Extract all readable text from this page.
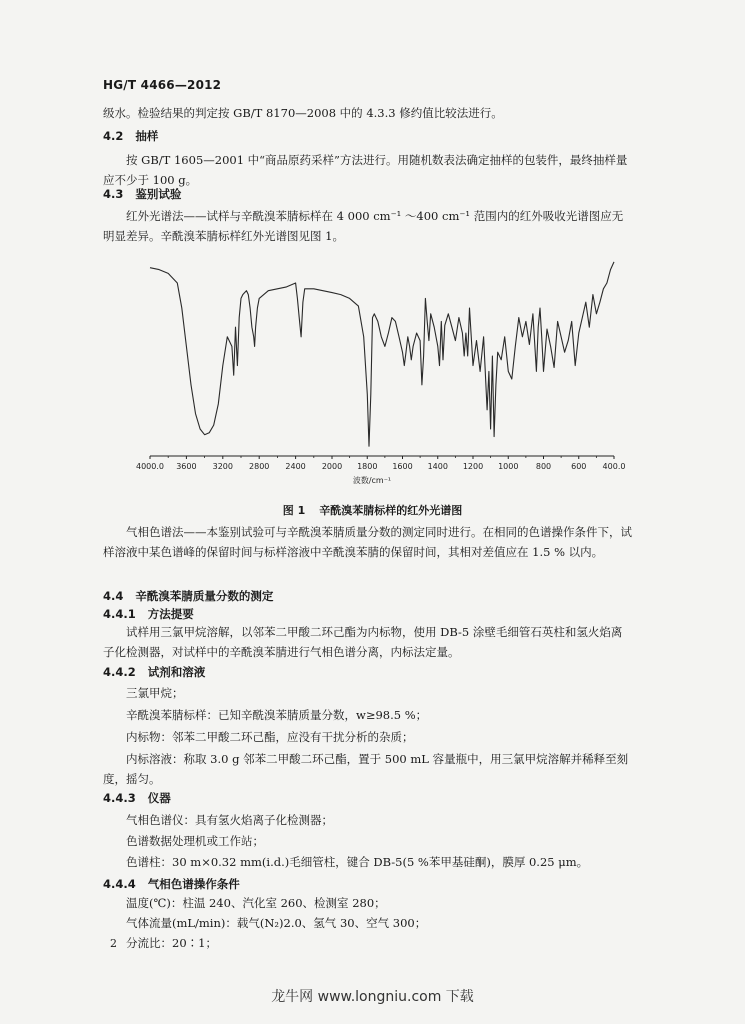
HG/T 4466—2012

级水。检验结果的判定按 GB/T 8170—2008 中的 4.3.3 修约值比较法进行。

4.2 抽样

按 GB/T 1605—2001 中“商品原药采样”方法进行。用随机数表法确定抽样的包装件，最终抽样量应不少于 100 g。

4.3 鉴别试验

红外光谱法——试样与辛酰溴苯腈标样在 4 000 cm⁻¹ ～400 cm⁻¹ 范围内的红外吸收光谱图应无明显差异。辛酰溴苯腈标样红外光谱图见图 1。

4000.0 3600 3200 2800 2400 2000 1800 1600 1400 1200 1000 800 600 400.0
波数/cm⁻¹
图 1 辛酰溴苯腈标样的红外光谱图

气相色谱法——本鉴别试验可与辛酰溴苯腈质量分数的测定同时进行。在相同的色谱操作条件下，试样溶液中某色谱峰的保留时间与标样溶液中辛酰溴苯腈的保留时间，其相对差值应在 1.5 % 以内。

4.4 辛酰溴苯腈质量分数的测定
4.4.1 方法提要

试样用三氯甲烷溶解，以邻苯二甲酸二环己酯为内标物，使用 DB-5 涂壁毛细管石英柱和氢火焰离子化检测器，对试样中的辛酰溴苯腈进行气相色谱分离，内标法定量。

4.4.2 试剂和溶液

三氯甲烷；

辛酰溴苯腈标样：已知辛酰溴苯腈质量分数，w≥98.5 %；

内标物：邻苯二甲酸二环己酯，应没有干扰分析的杂质；

内标溶液：称取 3.0 g 邻苯二甲酸二环己酯，置于 500 mL 容量瓶中，用三氯甲烷溶解并稀释至刻度，摇匀。

4.4.3 仪器

气相色谱仪：具有氢火焰离子化检测器；

色谱数据处理机或工作站；

色谱柱：30 m×0.32 mm(i.d.)毛细管柱，键合 DB-5(5 %苯甲基硅酮)，膜厚 0.25 μm。

4.4.4 气相色谱操作条件

温度(℃)：柱温 240、汽化室 260、检测室 280；

气体流量(mL/min)：载气(N₂)2.0、氢气 30、空气 300；

分流比：20∶1；

2
龙牛网 www.longniu.com 下载
